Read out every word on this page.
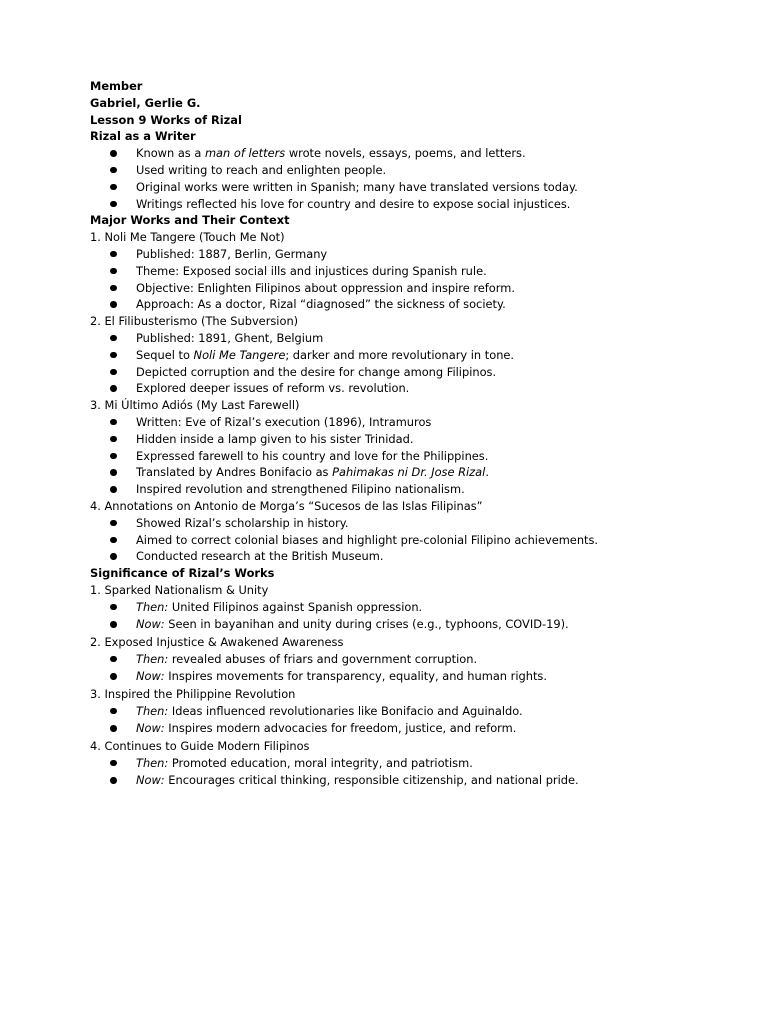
Member
Gabriel, Gerlie G.
Lesson 9 Works of Rizal
Rizal as a Writer
Known as a man of letters wrote novels, essays, poems, and letters.
Used writing to reach and enlighten people.
Original works were written in Spanish; many have translated versions today.
Writings reflected his love for country and desire to expose social injustices.
Major Works and Their Context
1. Noli Me Tangere (Touch Me Not)
Published: 1887, Berlin, Germany
Theme: Exposed social ills and injustices during Spanish rule.
Objective: Enlighten Filipinos about oppression and inspire reform.
Approach: As a doctor, Rizal “diagnosed” the sickness of society.
2. El Filibusterismo (The Subversion)
Published: 1891, Ghent, Belgium
Sequel to Noli Me Tangere; darker and more revolutionary in tone.
Depicted corruption and the desire for change among Filipinos.
Explored deeper issues of reform vs. revolution.
3. Mi Último Adiós (My Last Farewell)
Written: Eve of Rizal’s execution (1896), Intramuros
Hidden inside a lamp given to his sister Trinidad.
Expressed farewell to his country and love for the Philippines.
Translated by Andres Bonifacio as Pahimakas ni Dr. Jose Rizal.
Inspired revolution and strengthened Filipino nationalism.
4. Annotations on Antonio de Morga’s “Sucesos de las Islas Filipinas”
Showed Rizal’s scholarship in history.
Aimed to correct colonial biases and highlight pre-colonial Filipino achievements.
Conducted research at the British Museum.
Significance of Rizal’s Works
1. Sparked Nationalism & Unity
Then: United Filipinos against Spanish oppression.
Now: Seen in bayanihan and unity during crises (e.g., typhoons, COVID-19).
2. Exposed Injustice & Awakened Awareness
Then: revealed abuses of friars and government corruption.
Now: Inspires movements for transparency, equality, and human rights.
3. Inspired the Philippine Revolution
Then: Ideas influenced revolutionaries like Bonifacio and Aguinaldo.
Now: Inspires modern advocacies for freedom, justice, and reform.
4. Continues to Guide Modern Filipinos
Then: Promoted education, moral integrity, and patriotism.
Now: Encourages critical thinking, responsible citizenship, and national pride.
